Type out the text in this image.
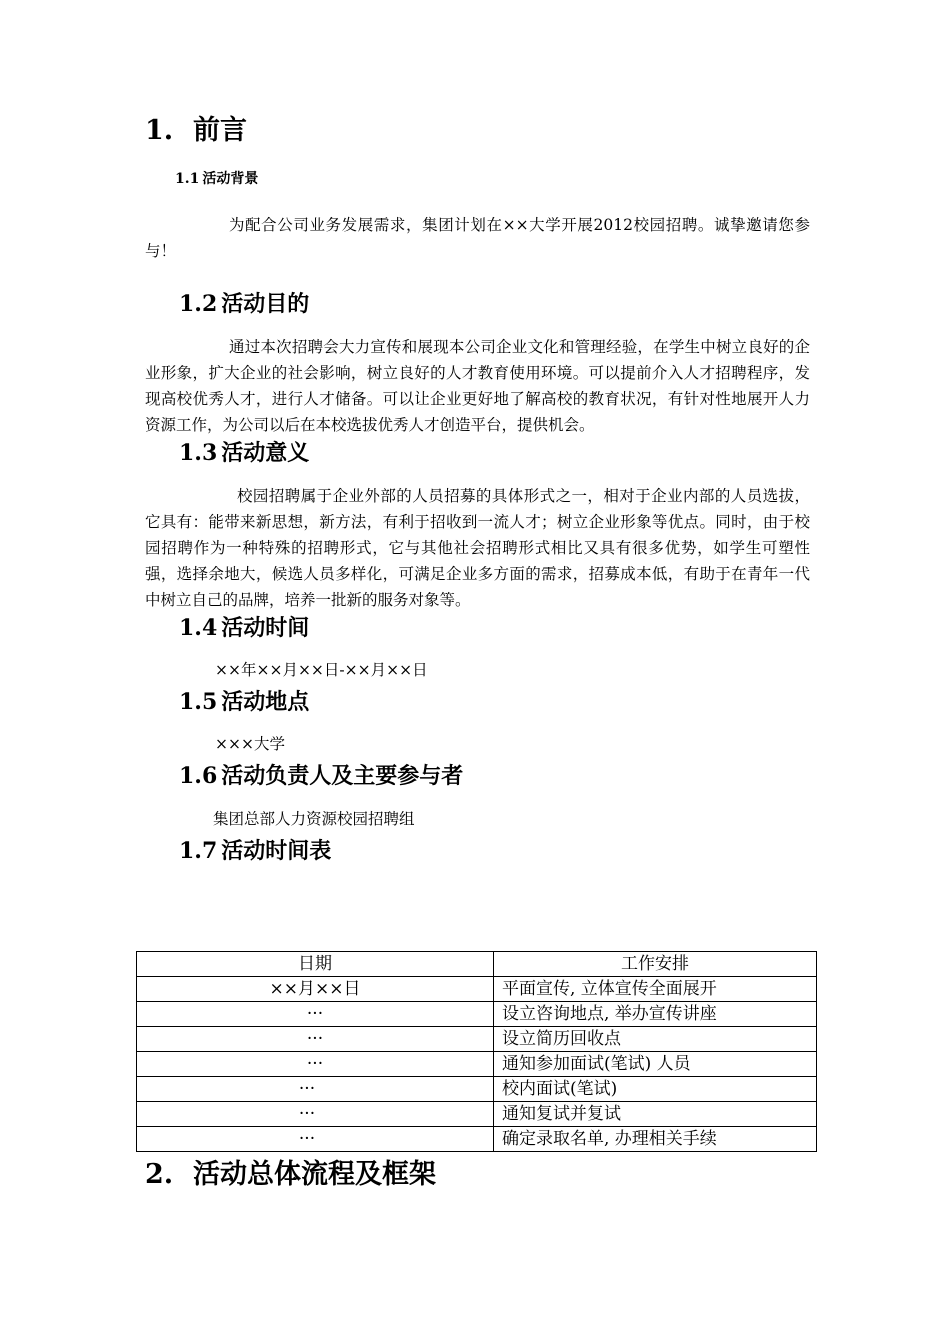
1. 前言
1.1 活动背景

为配合公司业务发展需求，集团计划在××大学开展2012校园招聘。诚挚邀请您参与！

1.2 活动目的

通过本次招聘会大力宣传和展现本公司企业文化和管理经验，在学生中树立良好的企业形象，扩大企业的社会影响，树立良好的人才教育使用环境。可以提前介入人才招聘程序，发现高校优秀人才，进行人才储备。可以让企业更好地了解高校的教育状况，有针对性地展开人力资源工作，为公司以后在本校选拔优秀人才创造平台，提供机会。

1.3 活动意义

校园招聘属于企业外部的人员招募的具体形式之一，相对于企业内部的人员选拔，它具有：能带来新思想，新方法，有利于招收到一流人才；树立企业形象等优点。同时，由于校园招聘作为一种特殊的招聘形式，它与其他社会招聘形式相比又具有很多优势，如学生可塑性强，选择余地大，候选人员多样化，可满足企业多方面的需求，招募成本低，有助于在青年一代中树立自己的品牌，培养一批新的服务对象等。

1.4 活动时间

××年××月××日-××月××日

1.5 活动地点

×××大学

1.6 活动负责人及主要参与者

集团总部人力资源校园招聘组

1.7 活动时间表
日期	工作安排
××月××日	平面宣传, 立体宣传全面展开
···	设立咨询地点, 举办宣传讲座
···	设立简历回收点
···	通知参加面试(笔试) 人员
···	校内面试(笔试)
···	通知复试并复试
···	确定录取名单, 办理相关手续
2. 活动总体流程及框架
